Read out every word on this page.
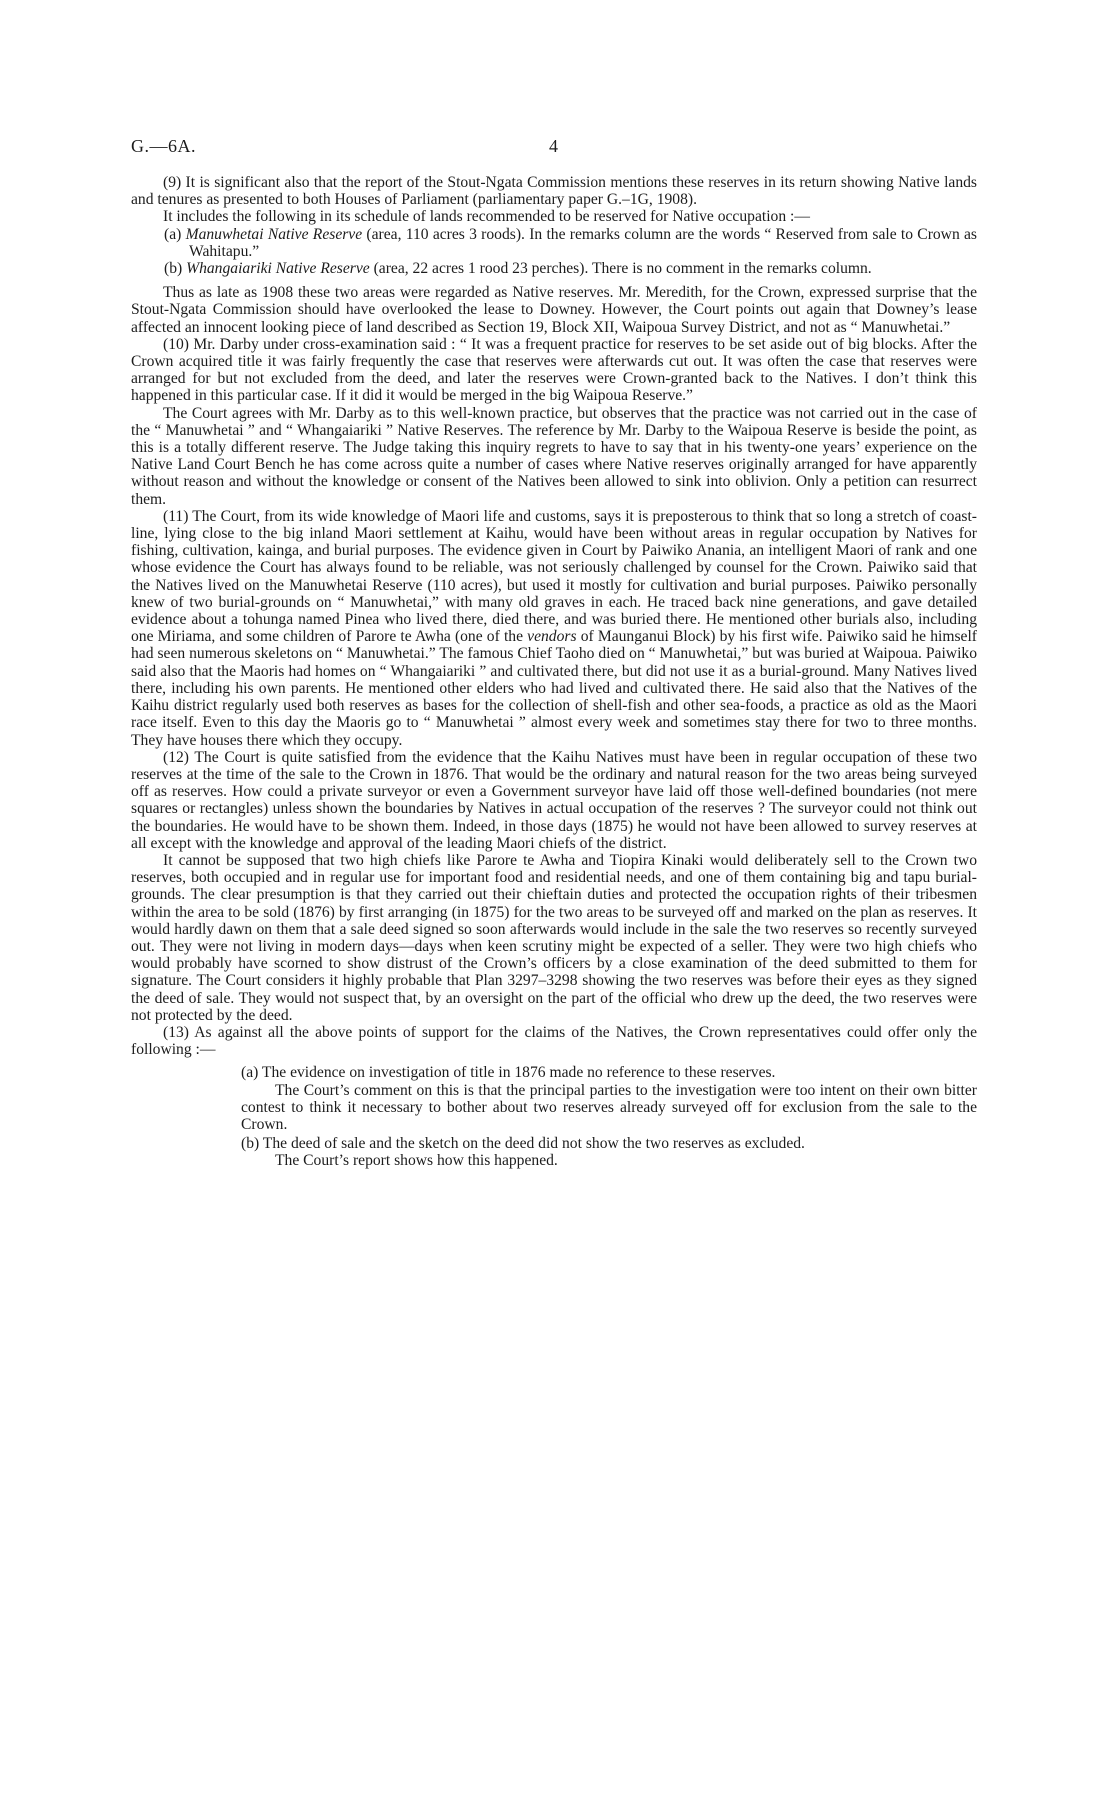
G.—6A.	4

(9) It is significant also that the report of the Stout-Ngata Commission mentions these reserves in its return showing Native lands and tenures as presented to both Houses of Parliament (parliamentary paper G.–1G, 1908).

It includes the following in its schedule of lands recommended to be reserved for Native occupation :—

(a) Manuwhetai Native Reserve (area, 110 acres 3 roods). In the remarks column are the words “ Reserved from sale to Crown as Wahitapu.”

(b) Whangaiariki Native Reserve (area, 22 acres 1 rood 23 perches). There is no comment in the remarks column.

Thus as late as 1908 these two areas were regarded as Native reserves. Mr. Meredith, for the Crown, expressed surprise that the Stout-Ngata Commission should have overlooked the lease to Downey. However, the Court points out again that Downey’s lease affected an innocent looking piece of land described as Section 19, Block XII, Waipoua Survey District, and not as “ Manuwhetai.”

(10) Mr. Darby under cross-examination said : “ It was a frequent practice for reserves to be set aside out of big blocks. After the Crown acquired title it was fairly frequently the case that reserves were afterwards cut out. It was often the case that reserves were arranged for but not excluded from the deed, and later the reserves were Crown-granted back to the Natives. I don’t think this happened in this particular case. If it did it would be merged in the big Waipoua Reserve.”

The Court agrees with Mr. Darby as to this well-known practice, but observes that the practice was not carried out in the case of the “ Manuwhetai ” and “ Whangaiariki ” Native Reserves. The reference by Mr. Darby to the Waipoua Reserve is beside the point, as this is a totally different reserve. The Judge taking this inquiry regrets to have to say that in his twenty-one years’ experience on the Native Land Court Bench he has come across quite a number of cases where Native reserves originally arranged for have apparently without reason and without the knowledge or consent of the Natives been allowed to sink into oblivion. Only a petition can resurrect them.

(11) The Court, from its wide knowledge of Maori life and customs, says it is preposterous to think that so long a stretch of coast-line, lying close to the big inland Maori settlement at Kaihu, would have been without areas in regular occupation by Natives for fishing, cultivation, kainga, and burial purposes. The evidence given in Court by Paiwiko Anania, an intelligent Maori of rank and one whose evidence the Court has always found to be reliable, was not seriously challenged by counsel for the Crown. Paiwiko said that the Natives lived on the Manuwhetai Reserve (110 acres), but used it mostly for cultivation and burial purposes. Paiwiko personally knew of two burial-grounds on “ Manuwhetai,” with many old graves in each. He traced back nine generations, and gave detailed evidence about a tohunga named Pinea who lived there, died there, and was buried there. He mentioned other burials also, including one Miriama, and some children of Parore te Awha (one of the vendors of Maunganui Block) by his first wife. Paiwiko said he himself had seen numerous skeletons on “ Manuwhetai.” The famous Chief Taoho died on “ Manuwhetai,” but was buried at Waipoua. Paiwiko said also that the Maoris had homes on “ Whangaiariki ” and cultivated there, but did not use it as a burial-ground. Many Natives lived there, including his own parents. He mentioned other elders who had lived and cultivated there. He said also that the Natives of the Kaihu district regularly used both reserves as bases for the collection of shell-fish and other sea-foods, a practice as old as the Maori race itself. Even to this day the Maoris go to “ Manuwhetai ” almost every week and sometimes stay there for two to three months. They have houses there which they occupy.

(12) The Court is quite satisfied from the evidence that the Kaihu Natives must have been in regular occupation of these two reserves at the time of the sale to the Crown in 1876. That would be the ordinary and natural reason for the two areas being surveyed off as reserves. How could a private surveyor or even a Government surveyor have laid off those well-defined boundaries (not mere squares or rectangles) unless shown the boundaries by Natives in actual occupation of the reserves ? The surveyor could not think out the boundaries. He would have to be shown them. Indeed, in those days (1875) he would not have been allowed to survey reserves at all except with the knowledge and approval of the leading Maori chiefs of the district.

It cannot be supposed that two high chiefs like Parore te Awha and Tiopira Kinaki would deliberately sell to the Crown two reserves, both occupied and in regular use for important food and residential needs, and one of them containing big and tapu burial-grounds. The clear presumption is that they carried out their chieftain duties and protected the occupation rights of their tribesmen within the area to be sold (1876) by first arranging (in 1875) for the two areas to be surveyed off and marked on the plan as reserves. It would hardly dawn on them that a sale deed signed so soon afterwards would include in the sale the two reserves so recently surveyed out. They were not living in modern days—days when keen scrutiny might be expected of a seller. They were two high chiefs who would probably have scorned to show distrust of the Crown’s officers by a close examination of the deed submitted to them for signature. The Court considers it highly probable that Plan 3297–3298 showing the two reserves was before their eyes as they signed the deed of sale. They would not suspect that, by an oversight on the part of the official who drew up the deed, the two reserves were not protected by the deed.

(13) As against all the above points of support for the claims of the Natives, the Crown representatives could offer only the following :—

(a) The evidence on investigation of title in 1876 made no reference to these reserves.

The Court’s comment on this is that the principal parties to the investigation were too intent on their own bitter contest to think it necessary to bother about two reserves already surveyed off for exclusion from the sale to the Crown.

(b) The deed of sale and the sketch on the deed did not show the two reserves as excluded.

The Court’s report shows how this happened.
